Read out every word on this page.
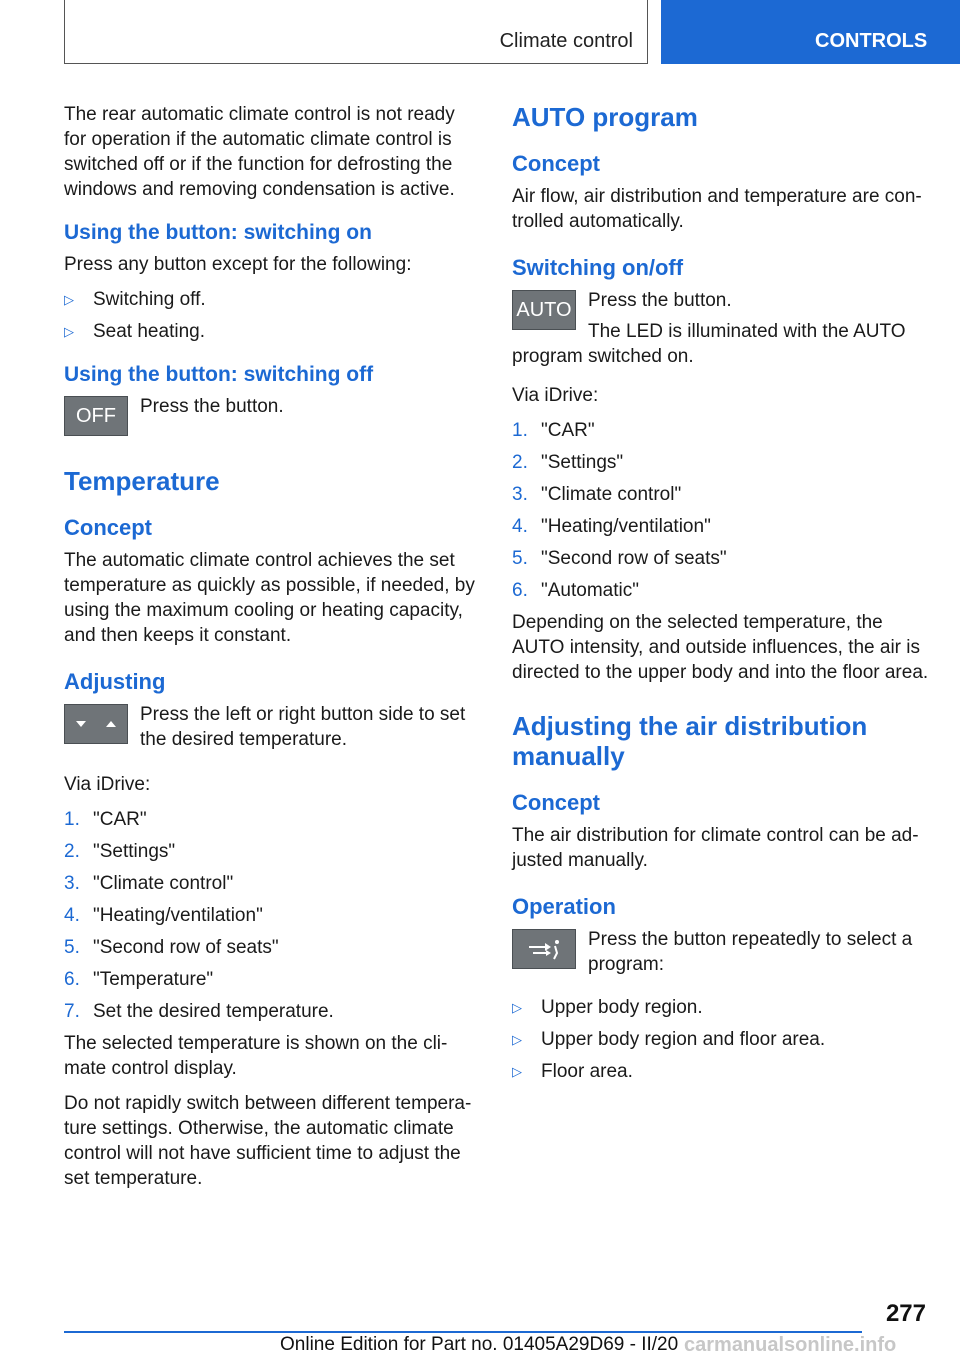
Climate control	CONTROLS

The rear automatic climate control is not ready for operation if the automatic climate control is switched off or if the function for defrosting the windows and removing condensation is active.

Using the button: switching on

Press any button except for the following:

▷ Switching off.
▷ Seat heating.
Using the button: switching off
OFF	Press the button.

Temperature
Concept

The automatic climate control achieves the set temperature as quickly as possible, if needed, by using the maximum cooling or heating capacity, and then keeps it constant.

Adjusting

Press the left or right button side to set the desired temperature.

Via iDrive:

1. "CAR"
2. "Settings"
3. "Climate control"
4. "Heating/ventilation"
5. "Second row of seats"
6. "Temperature"
7. Set the desired temperature.

The selected temperature is shown on the cli-mate control display.

Do not rapidly switch between different tempera-ture settings. Otherwise, the automatic climate control will not have sufficient time to adjust the set temperature.

AUTO program
Concept

Air flow, air distribution and temperature are con-trolled automatically.

Switching on/off
AUTO Press the button.

The LED is illuminated with the AUTO

program switched on.

Via iDrive:

1. "CAR"
2. "Settings"
3. "Climate control"
4. "Heating/ventilation"
5. "Second row of seats"
6. "Automatic"

Depending on the selected temperature, the AUTO intensity, and outside influences, the air is directed to the upper body and into the floor area.

Adjusting the air distribution manually
Concept

The air distribution for climate control can be ad-justed manually.

Operation

Press the button repeatedly to select a program:

▷ Upper body region.
▷ Upper body region and floor area.
▷ Floor area.
277
Online Edition for Part no. 01405A29D69 - II/20 carmanualsonline.info
